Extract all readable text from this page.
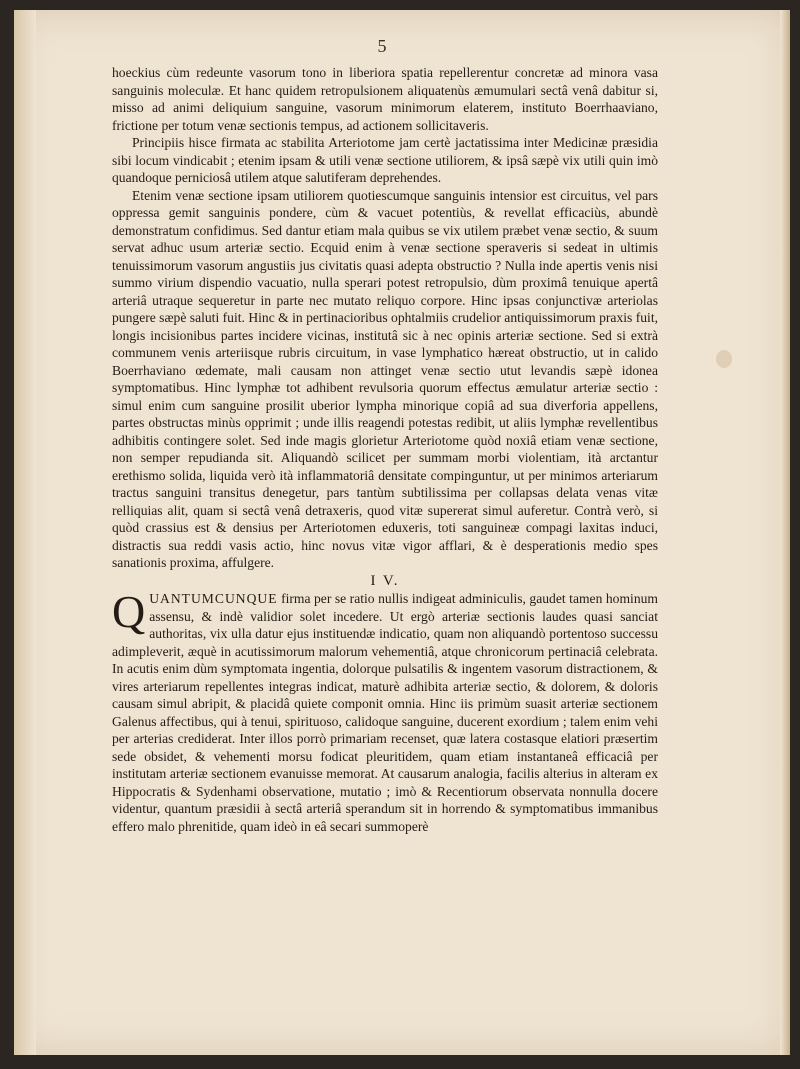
5

hoeckius cùm redeunte vasorum tono in liberiora spatia repellerentur concretæ ad minora vasa sanguinis moleculæ. Et hanc quidem retropulsionem aliquatenùs æmumulari sectâ venâ dabitur si, misso ad animi deliquium sanguine, vasorum minimorum elaterem, instituto Boerrhaaviano, frictione per totum venæ sectionis tempus, ad actionem sollicitaveris.

Principiis hisce firmata ac stabilita Arteriotome jam certè jactatissima inter Medicinæ præsidia sibi locum vindicabit ; etenim ipsam & utili venæ sectione utiliorem, & ipsâ sæpè vix utili quin imò quandoque perniciosâ utilem atque salutiferam deprehendes.

Etenim venæ sectione ipsam utiliorem quotiescumque sanguinis intensior est circuitus, vel pars oppressa gemit sanguinis pondere, cùm & vacuet potentiùs, & revellat efficaciùs, abundè demonstratum confidimus. Sed dantur etiam mala quibus se vix utilem præbet venæ sectio, & suum servat adhuc usum arteriæ sectio. Ecquid enim à venæ sectione speraveris si sedeat in ultimis tenuissimorum vasorum angustiis jus civitatis quasi adepta obstructio ? Nulla inde apertis venis nisi summo virium dispendio vacuatio, nulla sperari potest retropulsio, dùm proximâ tenuique apertâ arteriâ utraque sequeretur in parte nec mutato reliquo corpore. Hinc ipsas conjunctivæ arteriolas pungere sæpè saluti fuit. Hinc & in pertinacioribus ophtalmiis crudelior antiquissimorum praxis fuit, longis incisionibus partes incidere vicinas, institutâ sic à nec opinis arteriæ sectione. Sed si extrà communem venis arteriisque rubris circuitum, in vase lymphatico hæreat obstructio, ut in calido Boerrhaviano œdemate, mali causam non attinget venæ sectio utut levandis sæpè idonea symptomatibus. Hinc lymphæ tot adhibent revulsoria quorum effectus æmulatur arteriæ sectio : simul enim cum sanguine prosilit uberior lympha minorique copiâ ad sua diverforia appellens, partes obstructas minùs opprimit ; unde illis reagendi potestas redibit, ut aliis lymphæ revellentibus adhibitis contingere solet. Sed inde magis glorietur Arteriotome quòd noxiâ etiam venæ sectione, non semper repudianda sit. Aliquandò scilicet per summam morbi violentiam, ità arctantur erethismo solida, liquida verò ità inflammatoriâ densitate compinguntur, ut per minimos arteriarum tractus sanguini transitus denegetur, pars tantùm subtilissima per collapsas delata venas vitæ relliquias alit, quam si sectâ venâ detraxeris, quod vitæ supererat simul auferetur. Contrà verò, si quòd crassius est & densius per Arteriotomen eduxeris, toti sanguineæ compagi laxitas induci, distractis sua reddi vasis actio, hinc novus vitæ vigor afflari, & è desperationis medio spes sanationis proxima, affulgere.

I V.

QUANTUMCUNQUE firma per se ratio nullis indigeat adminiculis, gaudet tamen hominum assensu, & indè validior solet incedere. Ut ergò arteriæ sectionis laudes quasi sanciat authoritas, vix ulla datur ejus instituendæ indicatio, quam non aliquandò portentoso successu adimpleverit, æquè in acutissimorum malorum vehementiâ, atque chronicorum pertinaciâ celebrata. In acutis enim dùm symptomata ingentia, dolorque pulsatilis & ingentem vasorum distractionem, & vires arteriarum repellentes integras indicat, maturè adhibita arteriæ sectio, & dolorem, & doloris causam simul abripit, & placidâ quiete componit omnia. Hinc iis primùm suasit arteriæ sectionem Galenus affectibus, qui à tenui, spirituoso, calidoque sanguine, ducerent exordium ; talem enim vehi per arterias crediderat. Inter illos porrò primariam recenset, quæ latera costasque elatiori præsertim sede obsidet, & vehementi morsu fodicat pleuritidem, quam etiam instantaneâ efficaciâ per institutam arteriæ sectionem evanuisse memorat. At causarum analogia, facilis alterius in alteram ex Hippocratis & Sydenhami observatione, mutatio ; imò & Recentiorum observata nonnulla docere videntur, quantum præsidii à sectâ arteriâ sperandum sit in horrendo & symptomatibus immanibus effero malo phrenitide, quam ideò in eâ secari summoperè
